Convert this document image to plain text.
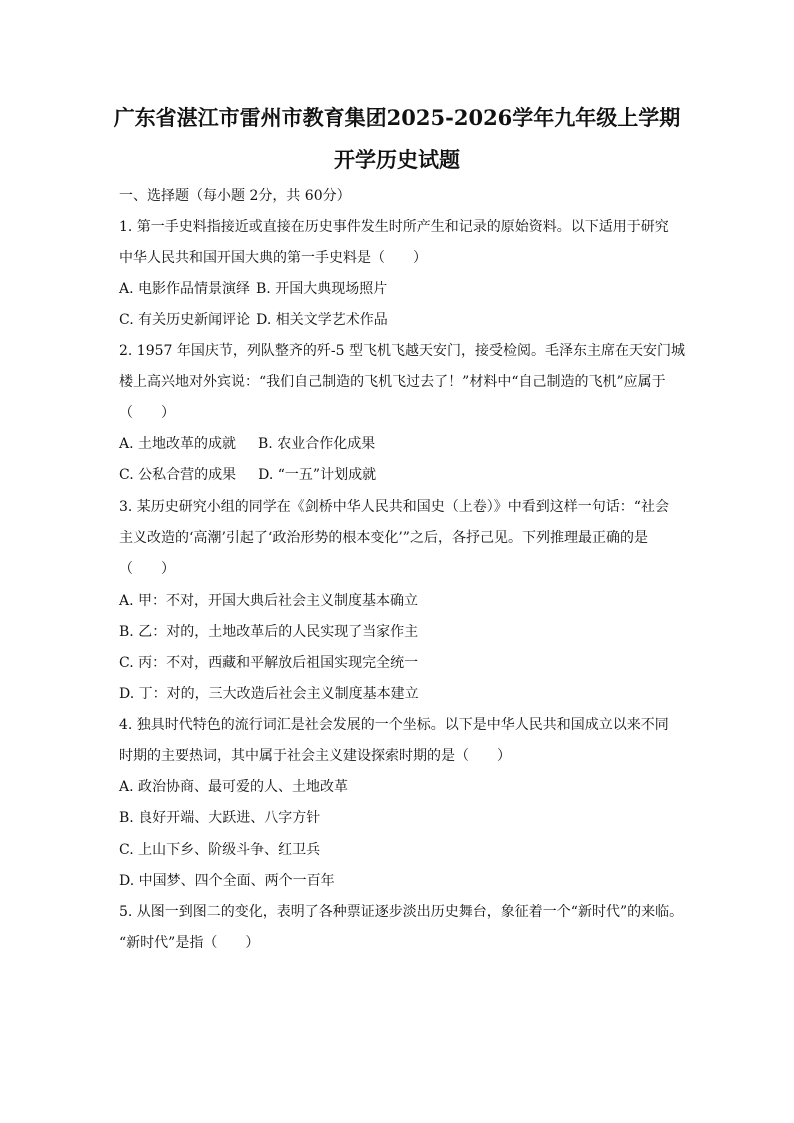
广东省湛江市雷州市教育集团2025-2026学年九年级上学期
开学历史试题
一、选择题（每小题 2分，共 60分）
1. 第一手史料指接近或直接在历史事件发生时所产生和记录的原始资料。以下适用于研究
中华人民共和国开国大典的第一手史料是（　　）
A. 电影作品情景演绎 B. 开国大典现场照片
C. 有关历史新闻评论 D. 相关文学艺术作品
2. 1957 年国庆节，列队整齐的歼-5 型飞机飞越天安门，接受检阅。毛泽东主席在天安门城
楼上高兴地对外宾说：“我们自己制造的飞机飞过去了！”材料中“自己制造的飞机”应属于
（　　）
A. 土地改革的成就 B. 农业合作化成果
C. 公私合营的成果 D. “一五”计划成就
3. 某历史研究小组的同学在《剑桥中华人民共和国史（上卷）》中看到这样一句话：“社会
主义改造的‘高潮’引起了‘政治形势的根本变化’”之后，各抒己见。下列推理最正确的是
（　　）
A. 甲：不对，开国大典后社会主义制度基本确立
B. 乙：对的，土地改革后的人民实现了当家作主
C. 丙：不对，西藏和平解放后祖国实现完全统一
D. 丁：对的，三大改造后社会主义制度基本建立
4. 独具时代特色的流行词汇是社会发展的一个坐标。以下是中华人民共和国成立以来不同
时期的主要热词，其中属于社会主义建设探索时期的是（　　）
A. 政治协商、最可爱的人、土地改革
B. 良好开端、大跃进、八字方针
C. 上山下乡、阶级斗争、红卫兵
D. 中国梦、四个全面、两个一百年
5. 从图一到图二的变化，表明了各种票证逐步淡出历史舞台，象征着一个“新时代”的来临。
“新时代”是指（　　）
